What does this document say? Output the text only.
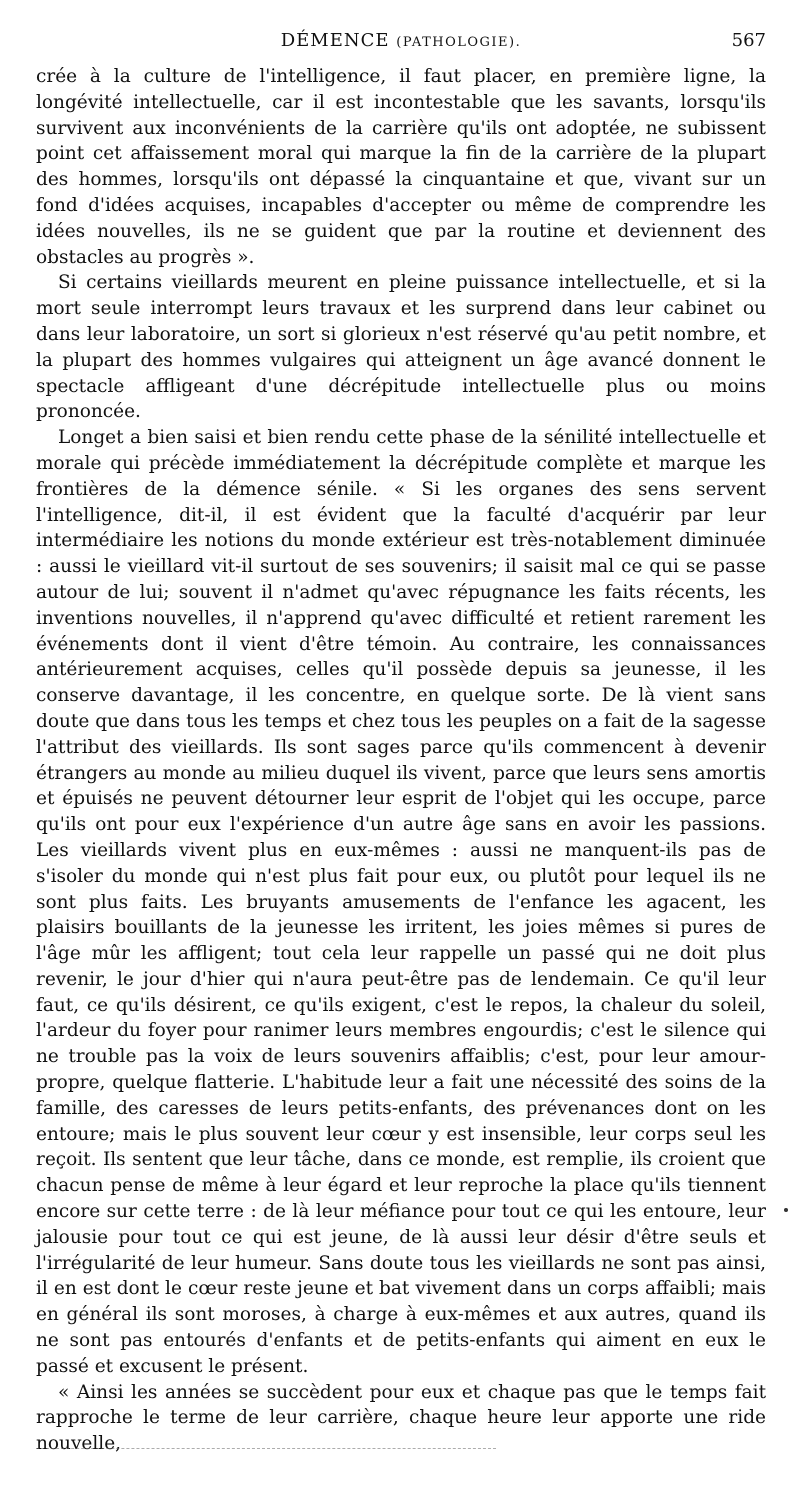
DÉMENCE (PATHOLOGIE).	567

crée à la culture de l'intelligence, il faut placer, en première ligne, la longévité intellectuelle, car il est incontestable que les savants, lorsqu'ils survivent aux inconvénients de la carrière qu'ils ont adoptée, ne subissent point cet affaissement moral qui marque la fin de la carrière de la plupart des hommes, lorsqu'ils ont dépassé la cinquantaine et que, vivant sur un fond d'idées acquises, incapables d'accepter ou même de comprendre les idées nouvelles, ils ne se guident que par la routine et deviennent des obstacles au progrès ».

Si certains vieillards meurent en pleine puissance intellectuelle, et si la mort seule interrompt leurs travaux et les surprend dans leur cabinet ou dans leur laboratoire, un sort si glorieux n'est réservé qu'au petit nombre, et la plupart des hommes vulgaires qui atteignent un âge avancé donnent le spectacle affligeant d'une décrépitude intellectuelle plus ou moins prononcée.

Longet a bien saisi et bien rendu cette phase de la sénilité intellectuelle et morale qui précède immédiatement la décrépitude complète et marque les frontières de la démence sénile. « Si les organes des sens servent l'intelligence, dit-il, il est évident que la faculté d'acquérir par leur intermédiaire les notions du monde extérieur est très-notablement diminuée : aussi le vieillard vit-il surtout de ses souvenirs; il saisit mal ce qui se passe autour de lui; souvent il n'admet qu'avec répugnance les faits récents, les inventions nouvelles, il n'apprend qu'avec difficulté et retient rarement les événements dont il vient d'être témoin. Au contraire, les connaissances antérieurement acquises, celles qu'il possède depuis sa jeunesse, il les conserve davantage, il les concentre, en quelque sorte. De là vient sans doute que dans tous les temps et chez tous les peuples on a fait de la sagesse l'attribut des vieillards. Ils sont sages parce qu'ils commencent à devenir étrangers au monde au milieu duquel ils vivent, parce que leurs sens amortis et épuisés ne peuvent détourner leur esprit de l'objet qui les occupe, parce qu'ils ont pour eux l'expérience d'un autre âge sans en avoir les passions. Les vieillards vivent plus en eux-mêmes : aussi ne manquent-ils pas de s'isoler du monde qui n'est plus fait pour eux, ou plutôt pour lequel ils ne sont plus faits. Les bruyants amusements de l'enfance les agacent, les plaisirs bouillants de la jeunesse les irritent, les joies mêmes si pures de l'âge mûr les affligent; tout cela leur rappelle un passé qui ne doit plus revenir, le jour d'hier qui n'aura peut-être pas de lendemain. Ce qu'il leur faut, ce qu'ils désirent, ce qu'ils exigent, c'est le repos, la chaleur du soleil, l'ardeur du foyer pour ranimer leurs membres engourdis; c'est le silence qui ne trouble pas la voix de leurs souvenirs affaiblis; c'est, pour leur amour-propre, quelque flatterie. L'habitude leur a fait une nécessité des soins de la famille, des caresses de leurs petits-enfants, des prévenances dont on les entoure; mais le plus souvent leur cœur y est insensible, leur corps seul les reçoit. Ils sentent que leur tâche, dans ce monde, est remplie, ils croient que chacun pense de même à leur égard et leur reproche la place qu'ils tiennent encore sur cette terre : de là leur méfiance pour tout ce qui les entoure, leur jalousie pour tout ce qui est jeune, de là aussi leur désir d'être seuls et l'irrégularité de leur humeur. Sans doute tous les vieillards ne sont pas ainsi, il en est dont le cœur reste jeune et bat vivement dans un corps affaibli; mais en général ils sont moroses, à charge à eux-mêmes et aux autres, quand ils ne sont pas entourés d'enfants et de petits-enfants qui aiment en eux le passé et excusent le présent.

« Ainsi les années se succèdent pour eux et chaque pas que le temps fait rapproche le terme de leur carrière, chaque heure leur apporte une ride nouvelle,
